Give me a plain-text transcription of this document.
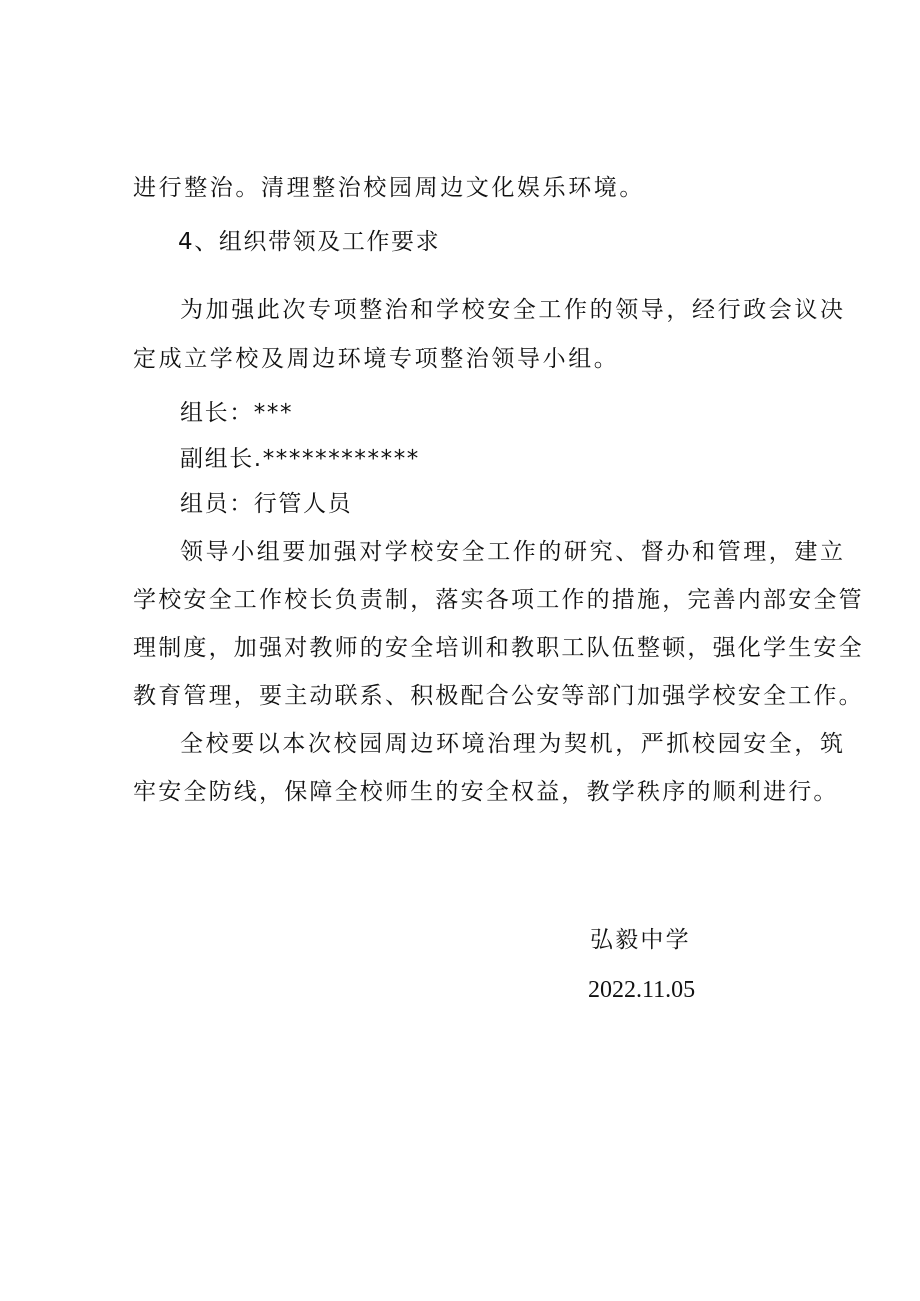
进行整治。清理整治校园周边文化娱乐环境。

4、组织带领及工作要求

为加强此次专项整治和学校安全工作的领导，经行政会议决

定成立学校及周边环境专项整治领导小组。

组长：***

副组长.************

组员：行管人员

领导小组要加强对学校安全工作的研究、督办和管理，建立

学校安全工作校长负责制，落实各项工作的措施，完善内部安全管

理制度，加强对教师的安全培训和教职工队伍整顿，强化学生安全

教育管理，要主动联系、积极配合公安等部门加强学校安全工作。

全校要以本次校园周边环境治理为契机，严抓校园安全，筑

牢安全防线，保障全校师生的安全权益，教学秩序的顺利进行。

弘毅中学

2022.11.05
